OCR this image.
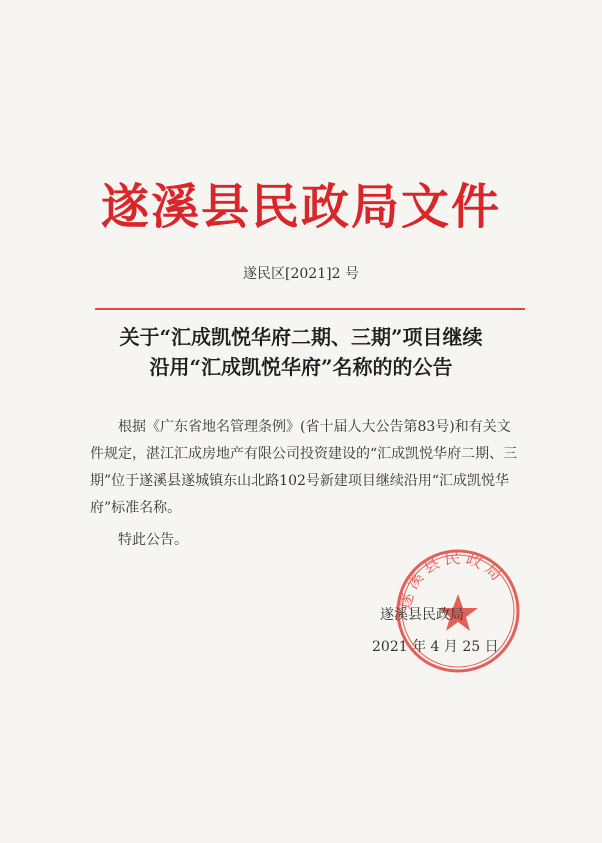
遂溪县民政局文件
遂民区[2021]2 号
关于“汇成凯悦华府二期、三期”项目继续
沿用“汇成凯悦华府”名称的的公告

根据《广东省地名管理条例》(省十届人大公告第83号)和有关文件规定，湛江汇成房地产有限公司投资建设的“汇成凯悦华府二期、三期”位于遂溪县遂城镇东山北路102号新建项目继续沿用“汇成凯悦华府”标准名称。

特此公告。
遂溪县民政局
遂溪县民政局
2021 年 4 月 25 日
